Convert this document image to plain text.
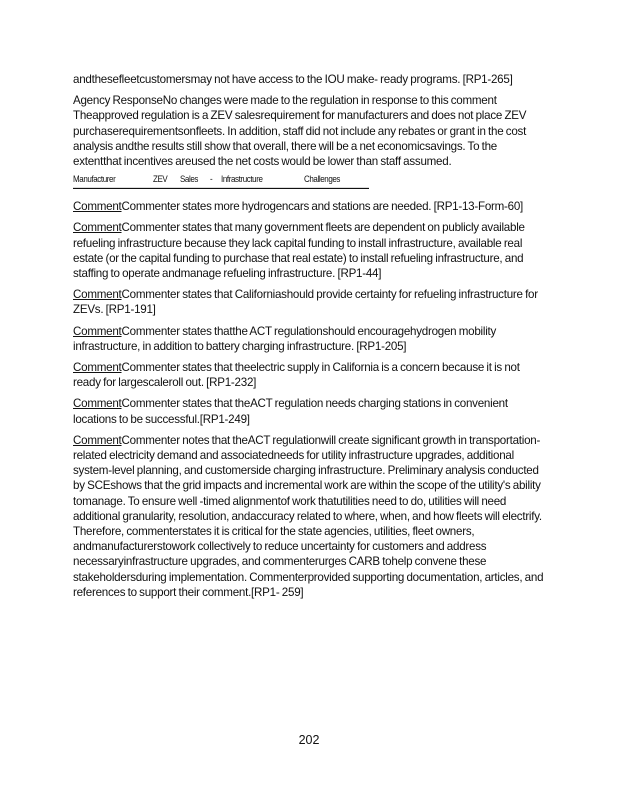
andthesefleetcustomersmay not have access to the IOU make- ready programs. [RP1-265]

Agency ResponseNo changes were made to the regulation in response to this comment Theapproved regulation is a ZEV salesrequirement for manufacturers and does not place ZEV purchaserequirementsonfleets. In addition, staff did not include any rebates or grant in the cost analysis andthe results still show that overall, there will be a net economicsavings. To the extentthat incentives areused the net costs would be lower than staff assumed.

Manufacturer	ZEV Sales - Infrastructure	Challenges

CommentCommenter states more hydrogencars and stations are needed. [RP1-13-Form-60]

CommentCommenter states that many government fleets are dependent on publicly available refueling infrastructure because they lack capital funding to install infrastructure, available real estate (or the capital funding to purchase that real estate) to install refueling infrastructure, and staffing to operate andmanage refueling infrastructure. [RP1-44]

CommentCommenter states that Californiashould provide certainty for refueling infrastructure for ZEVs. [RP1-191]

CommentCommenter states thatthe ACT regulationshould encouragehydrogen mobility infrastructure, in addition to battery charging infrastructure. [RP1-205]

CommentCommenter states that theelectric supply in California is a concern because it is not ready for largescaleroll out. [RP1-232]

CommentCommenter states that theACT regulation needs charging stations in convenient locations to be successful.[RP1-249]

CommentCommenter notes that theACT regulationwill create significant growth in transportation-related electricity demand and associatedneeds for utility infrastructure upgrades, additional system-level planning, and customerside charging infrastructure. Preliminary analysis conducted by SCEshows that the grid impacts and incremental work are within the scope of the utility's ability tomanage. To ensure well -timed alignmentof work thatutilities need to do, utilities will need additional granularity, resolution, andaccuracy related to where, when, and how fleets will electrify. Therefore, commenterstates it is critical for the state agencies, utilities, fleet owners, andmanufacturerstowork collectively to reduce uncertainty for customers and address necessaryinfrastructure upgrades, and commenterurges CARB tohelp convene these stakeholdersduring implementation. Commenterprovided supporting documentation, articles, and references to support their comment.[RP1- 259]

202
